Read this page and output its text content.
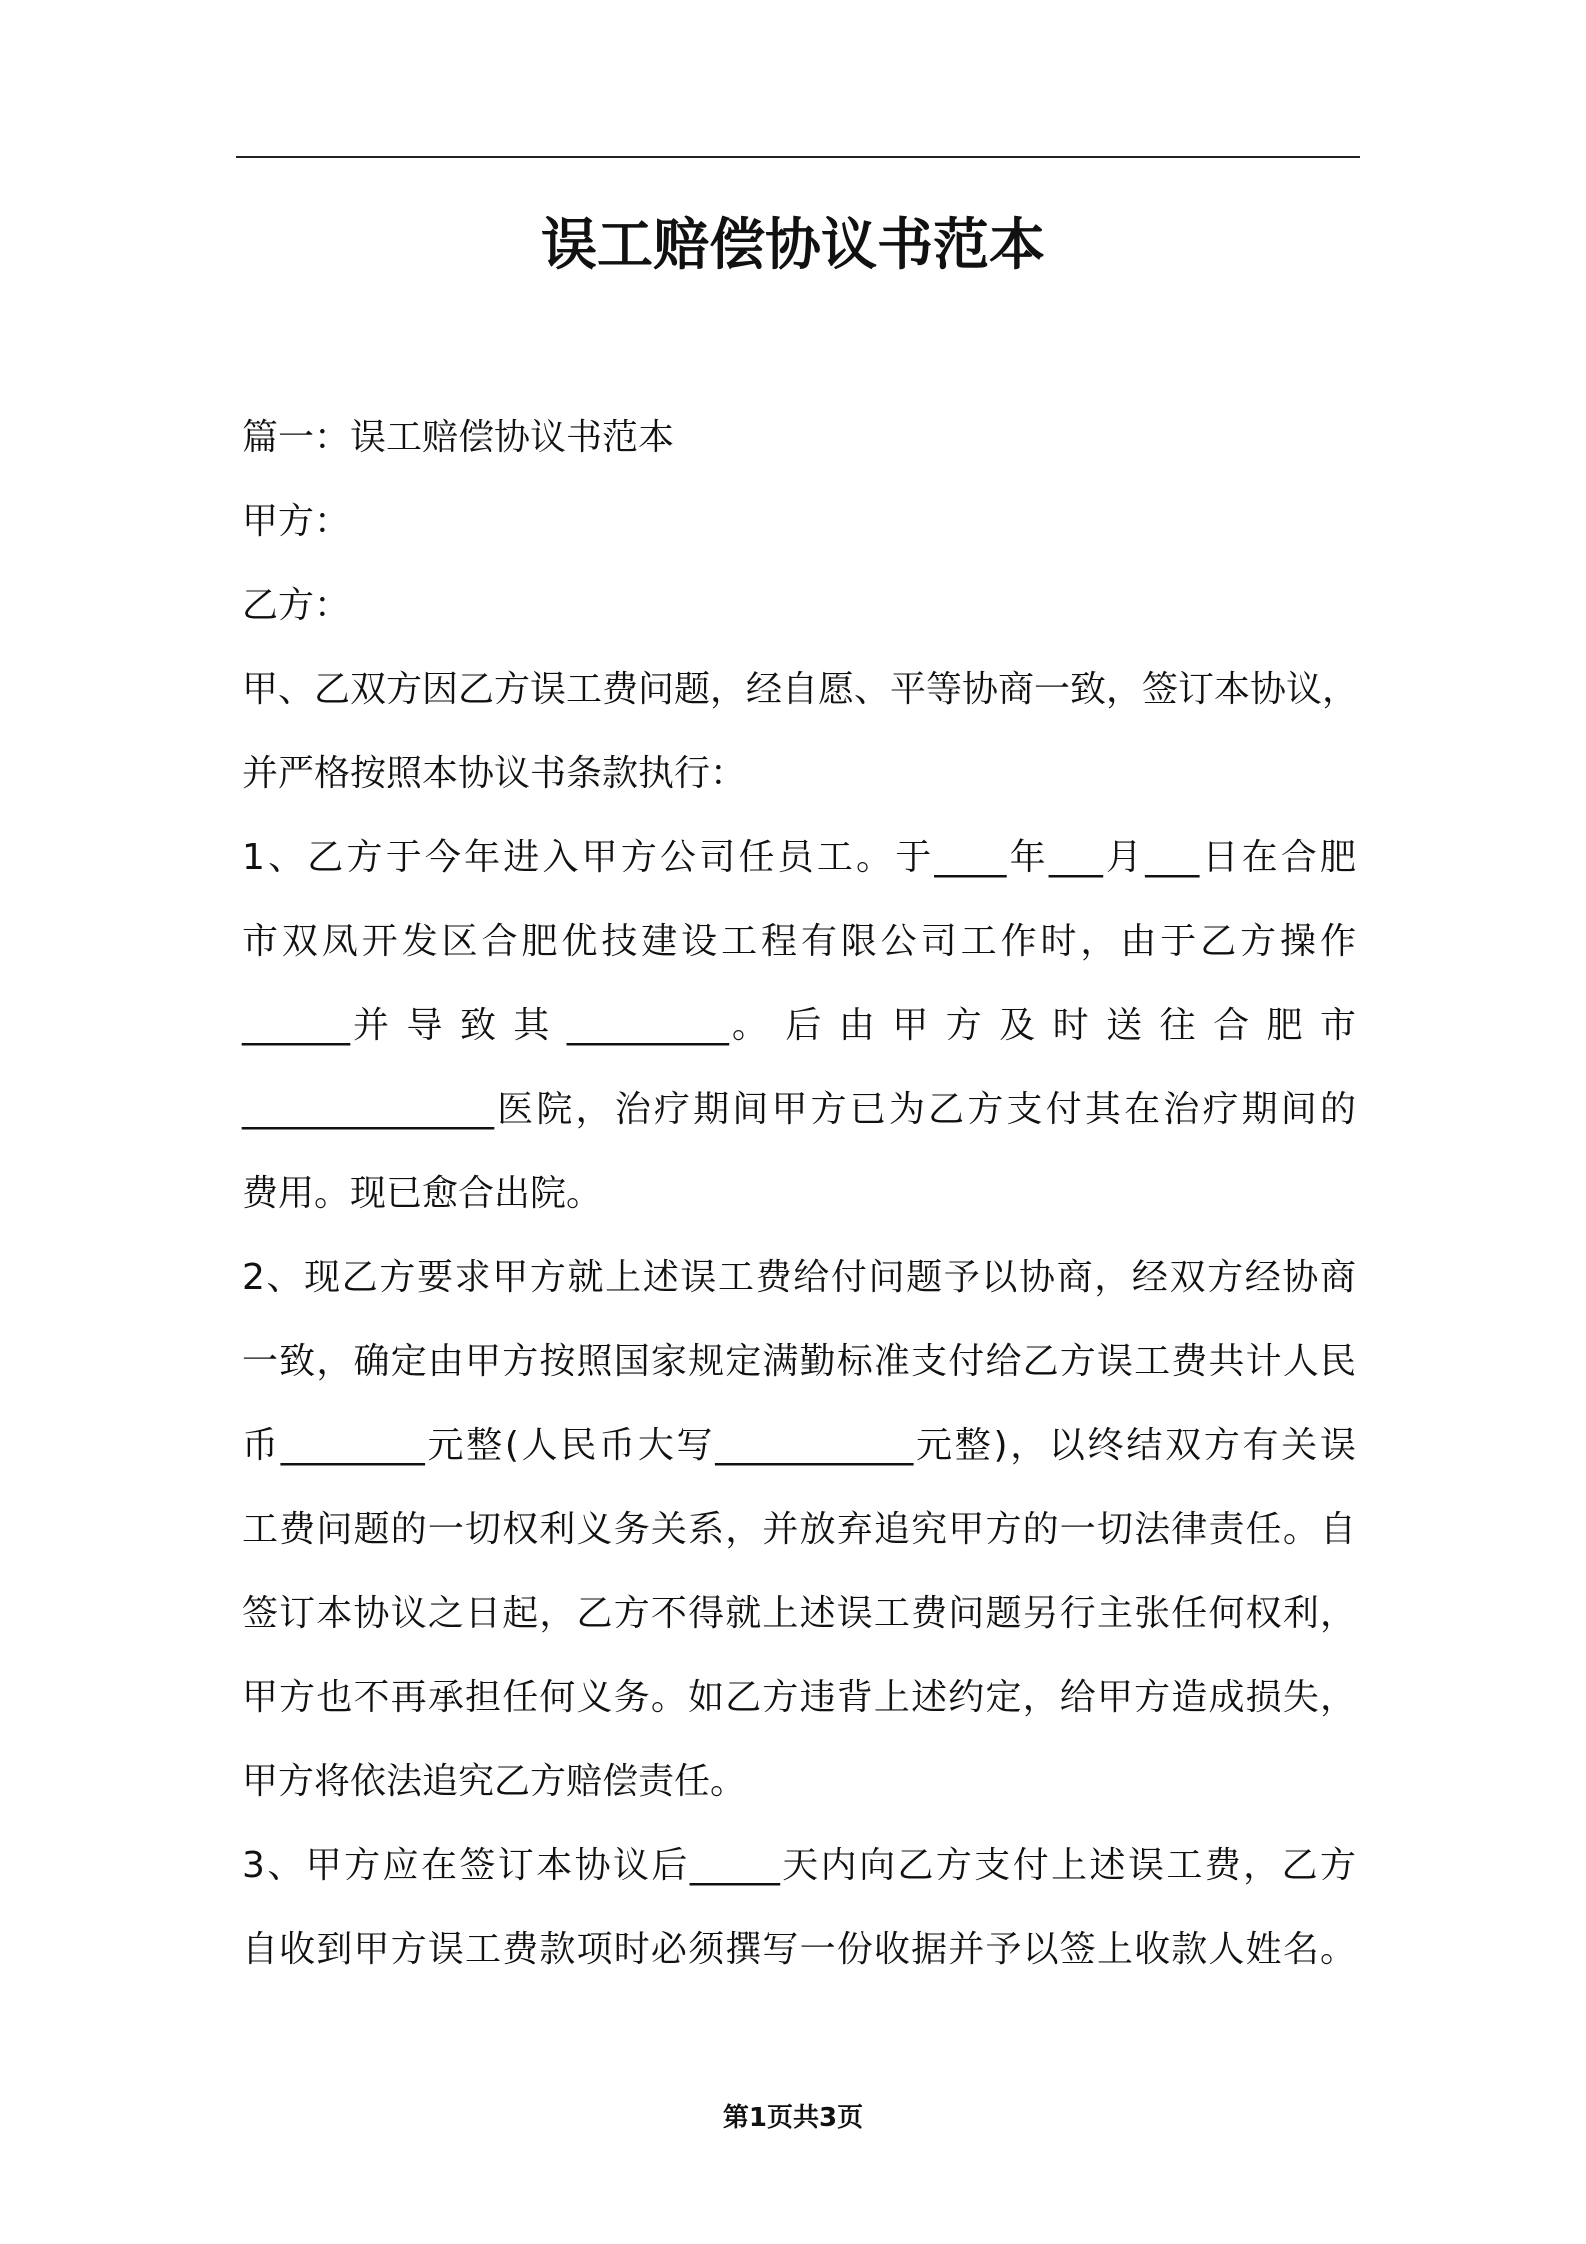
误工赔偿协议书范本
篇一：误工赔偿协议书范本
甲方：
乙方：
甲、乙双方因乙方误工费问题，经自愿、平等协商一致，签订本协议，
并严格按照本协议书条款执行：
1、乙方于今年进入甲方公司任员工。于____年___月___日在合肥
市双凤开发区合肥优技建设工程有限公司工作时，由于乙方操作
______并 导 致 其 _________。 后 由 甲 方 及 时 送 往 合 肥 市
______________医院，治疗期间甲方已为乙方支付其在治疗期间的
费用。现已愈合出院。
2、现乙方要求甲方就上述误工费给付问题予以协商，经双方经协商
一致，确定由甲方按照国家规定满勤标准支付给乙方误工费共计人民
币________元整(人民币大写___________元整)，以终结双方有关误
工费问题的一切权利义务关系，并放弃追究甲方的一切法律责任。自
签订本协议之日起，乙方不得就上述误工费问题另行主张任何权利，
甲方也不再承担任何义务。如乙方违背上述约定，给甲方造成损失，
甲方将依法追究乙方赔偿责任。
3、甲方应在签订本协议后_____天内向乙方支付上述误工费，乙方
自收到甲方误工费款项时必须撰写一份收据并予以签上收款人姓名。
第1页共3页
